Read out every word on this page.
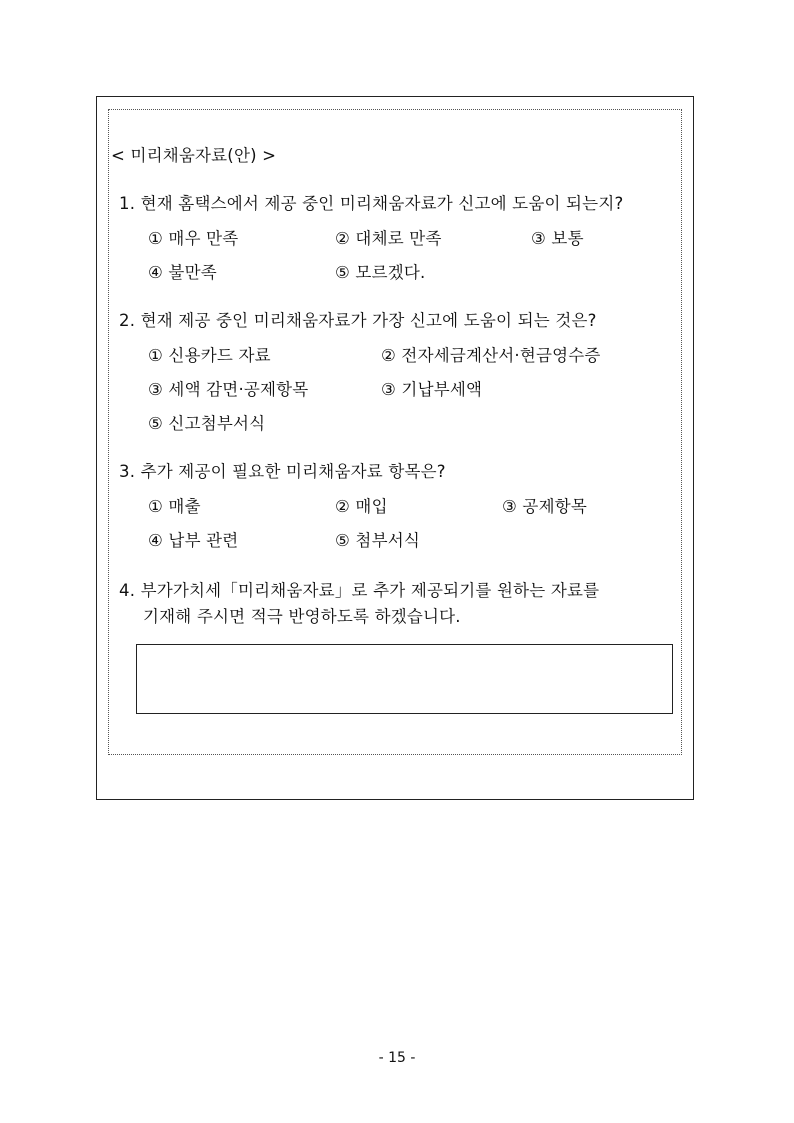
< 미리채움자료(안) >
1. 현재 홈택스에서 제공 중인 미리채움자료가 신고에 도움이 되는지?
① 매우 만족	② 대체로 만족	③ 보통
④ 불만족	⑤ 모르겠다.
2. 현재 제공 중인 미리채움자료가 가장 신고에 도움이 되는 것은?
① 신용카드 자료	② 전자세금계산서·현금영수증
③ 세액 감면·공제항목	③ 기납부세액
⑤ 신고첨부서식
3. 추가 제공이 필요한 미리채움자료 항목은?
① 매출	② 매입	③ 공제항목
④ 납부 관련	⑤ 첨부서식
4. 부가가치세「미리채움자료」로 추가 제공되기를 원하는 자료를
기재해 주시면 적극 반영하도록 하겠습니다.
- 15 -
